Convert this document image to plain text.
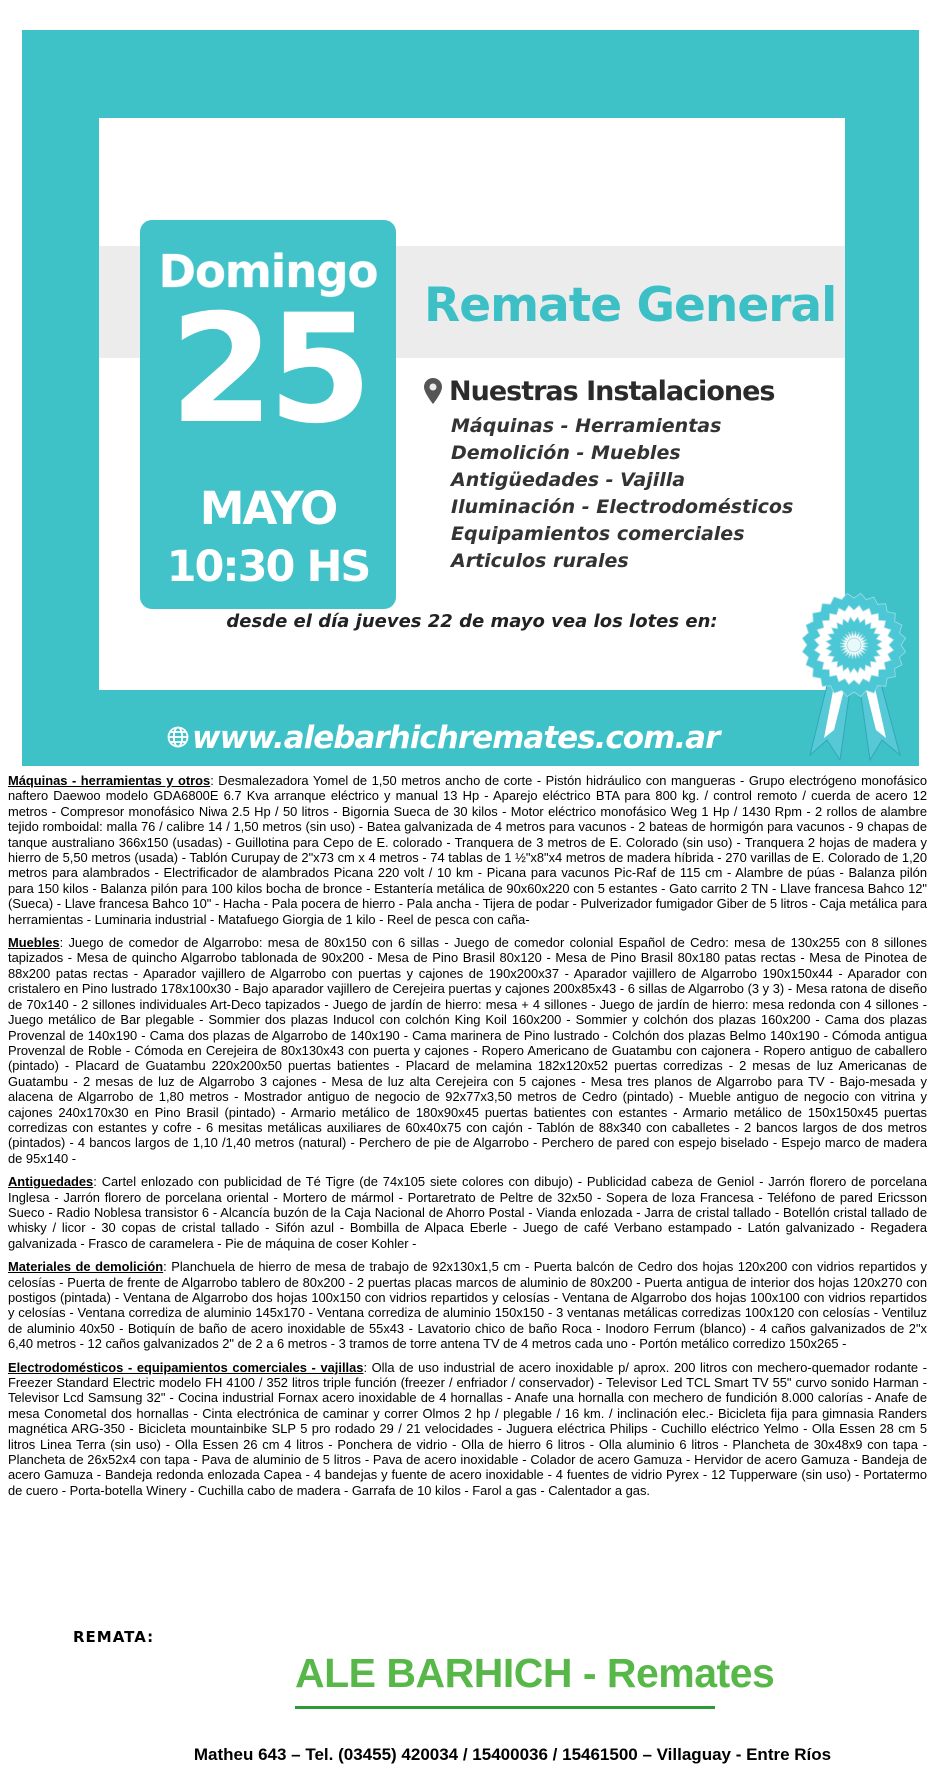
Domingo
25
MAYO
10:30 HS
Remate General
Nuestras Instalaciones
Máquinas - Herramientas
Demolición - Muebles
Antigüedades - Vajilla
Iluminación - Electrodomésticos
Equipamientos comerciales
Articulos rurales
desde el día jueves 22 de mayo vea los lotes en:
www.alebarhichremates.com.ar

Máquinas - herramientas y otros: Desmalezadora Yomel de 1,50 metros ancho de corte - Pistón hidráulico con mangueras - Grupo electrógeno monofásico naftero Daewoo modelo GDA6800E 6.7 Kva arranque eléctrico y manual 13 Hp - Aparejo eléctrico BTA para 800 kg. / control remoto / cuerda de acero 12 metros - Compresor monofásico Niwa 2.5 Hp / 50 litros - Bigornia Sueca de 30 kilos - Motor eléctrico monofásico Weg 1 Hp / 1430 Rpm - 2 rollos de alambre tejido romboidal: malla 76 / calibre 14 / 1,50 metros (sin uso) - Batea galvanizada de 4 metros para vacunos - 2 bateas de hormigón para vacunos - 9 chapas de tanque australiano 366x150 (usadas) - Guillotina para Cepo de E. colorado - Tranquera de 3 metros de E. Colorado (sin uso) - Tranquera 2 hojas de madera y hierro de 5,50 metros (usada) - Tablón Curupay de 2"x73 cm x 4 metros - 74 tablas de 1 ½"x8"x4 metros de madera híbrida - 270 varillas de E. Colorado de 1,20 metros para alambrados - Electrificador de alambrados Picana 220 volt / 10 km - Picana para vacunos Pic-Raf de 115 cm - Alambre de púas - Balanza pilón para 150 kilos - Balanza pilón para 100 kilos bocha de bronce - Estantería metálica de 90x60x220 con 5 estantes - Gato carrito 2 TN - Llave francesa Bahco 12" (Sueca) - Llave francesa Bahco 10" - Hacha - Pala pocera de hierro - Pala ancha - Tijera de podar - Pulverizador fumigador Giber de 5 litros - Caja metálica para herramientas - Luminaria industrial - Matafuego Giorgia de 1 kilo - Reel de pesca con caña-

Muebles: Juego de comedor de Algarrobo: mesa de 80x150 con 6 sillas - Juego de comedor colonial Español de Cedro: mesa de 130x255 con 8 sillones tapizados - Mesa de quincho Algarrobo tablonada de 90x200 - Mesa de Pino Brasil 80x120 - Mesa de Pino Brasil 80x180 patas rectas - Mesa de Pinotea de 88x200 patas rectas - Aparador vajillero de Algarrobo con puertas y cajones de 190x200x37 - Aparador vajillero de Algarrobo 190x150x44 - Aparador con cristalero en Pino lustrado 178x100x30 - Bajo aparador vajillero de Cerejeira puertas y cajones 200x85x43 - 6 sillas de Algarrobo (3 y 3) - Mesa ratona de diseño de 70x140 - 2 sillones individuales Art-Deco tapizados - Juego de jardín de hierro: mesa + 4 sillones - Juego de jardín de hierro: mesa redonda con 4 sillones - Juego metálico de Bar plegable - Sommier dos plazas Inducol con colchón King Koil 160x200 - Sommier y colchón dos plazas 160x200 - Cama dos plazas Provenzal de 140x190 - Cama dos plazas de Algarrobo de 140x190 - Cama marinera de Pino lustrado - Colchón dos plazas Belmo 140x190 - Cómoda antigua Provenzal de Roble - Cómoda en Cerejeira de 80x130x43 con puerta y cajones - Ropero Americano de Guatambu con cajonera - Ropero antiguo de caballero (pintado) - Placard de Guatambu 220x200x50 puertas batientes - Placard de melamina 182x120x52 puertas corredizas - 2 mesas de luz Americanas de Guatambu - 2 mesas de luz de Algarrobo 3 cajones - Mesa de luz alta Cerejeira con 5 cajones - Mesa tres planos de Algarrobo para TV - Bajo-mesada y alacena de Algarrobo de 1,80 metros - Mostrador antiguo de negocio de 92x77x3,50 metros de Cedro (pintado) - Mueble antiguo de negocio con vitrina y cajones 240x170x30 en Pino Brasil (pintado) - Armario metálico de 180x90x45 puertas batientes con estantes - Armario metálico de 150x150x45 puertas corredizas con estantes y cofre - 6 mesitas metálicas auxiliares de 60x40x75 con cajón - Tablón de 88x340 con caballetes - 2 bancos largos de dos metros (pintados) - 4 bancos largos de 1,10 /1,40 metros (natural) - Perchero de pie de Algarrobo - Perchero de pared con espejo biselado - Espejo marco de madera de 95x140 -

Antiguedades: Cartel enlozado con publicidad de Té Tigre (de 74x105 siete colores con dibujo) - Publicidad cabeza de Geniol - Jarrón florero de porcelana Inglesa - Jarrón florero de porcelana oriental - Mortero de mármol - Portaretrato de Peltre de 32x50 - Sopera de loza Francesa - Teléfono de pared Ericsson Sueco - Radio Noblesa transistor 6 - Alcancía buzón de la Caja Nacional de Ahorro Postal - Vianda enlozada - Jarra de cristal tallado - Botellón cristal tallado de whisky / licor - 30 copas de cristal tallado - Sifón azul - Bombilla de Alpaca Eberle - Juego de café Verbano estampado - Latón galvanizado - Regadera galvanizada - Frasco de caramelera - Pie de máquina de coser Kohler -

Materiales de demolición: Planchuela de hierro de mesa de trabajo de 92x130x1,5 cm - Puerta balcón de Cedro dos hojas 120x200 con vidrios repartidos y celosías - Puerta de frente de Algarrobo tablero de 80x200 - 2 puertas placas marcos de aluminio de 80x200 - Puerta antigua de interior dos hojas 120x270 con postigos (pintada) - Ventana de Algarrobo dos hojas 100x150 con vidrios repartidos y celosías - Ventana de Algarrobo dos hojas 100x100 con vidrios repartidos y celosías - Ventana corrediza de aluminio 145x170 - Ventana corrediza de aluminio 150x150 - 3 ventanas metálicas corredizas 100x120 con celosías - Ventiluz de aluminio 40x50 - Botiquín de baño de acero inoxidable de 55x43 - Lavatorio chico de baño Roca - Inodoro Ferrum (blanco) - 4 caños galvanizados de 2"x 6,40 metros - 12 caños galvanizados 2" de 2 a 6 metros - 3 tramos de torre antena TV de 4 metros cada uno - Portón metálico corredizo 150x265 -

Electrodomésticos - equipamientos comerciales - vajillas: Olla de uso industrial de acero inoxidable p/ aprox. 200 litros con mechero-quemador rodante - Freezer Standard Electric modelo FH 4100 / 352 litros triple función (freezer / enfriador / conservador) - Televisor Led TCL Smart TV 55" curvo sonido Harman - Televisor Lcd Samsung 32" - Cocina industrial Fornax acero inoxidable de 4 hornallas - Anafe una hornalla con mechero de fundición 8.000 calorías - Anafe de mesa Conometal dos hornallas - Cinta electrónica de caminar y correr Olmos 2 hp / plegable / 16 km. / inclinación elec.- Bicicleta fija para gimnasia Randers magnética ARG-350 - Bicicleta mountainbike SLP 5 pro rodado 29 / 21 velocidades - Juguera eléctrica Philips - Cuchillo eléctrico Yelmo - Olla Essen 28 cm 5 litros Linea Terra (sin uso) - Olla Essen 26 cm 4 litros - Ponchera de vidrio - Olla de hierro 6 litros - Olla aluminio 6 litros - Plancheta de 30x48x9 con tapa - Plancheta de 26x52x4 con tapa - Pava de aluminio de 5 litros - Pava de acero inoxidable - Colador de acero Gamuza - Hervidor de acero Gamuza - Bandeja de acero Gamuza - Bandeja redonda enlozada Capea - 4 bandejas y fuente de acero inoxidable - 4 fuentes de vidrio Pyrex - 12 Tupperware (sin uso) - Portatermo de cuero - Porta-botella Winery - Cuchilla cabo de madera - Garrafa de 10 kilos - Farol a gas - Calentador a gas.

REMATA:
ALE BARHICH - Remates
Matheu 643 – Tel. (03455) 420034 / 15400036 / 15461500 – Villaguay - Entre Ríos
